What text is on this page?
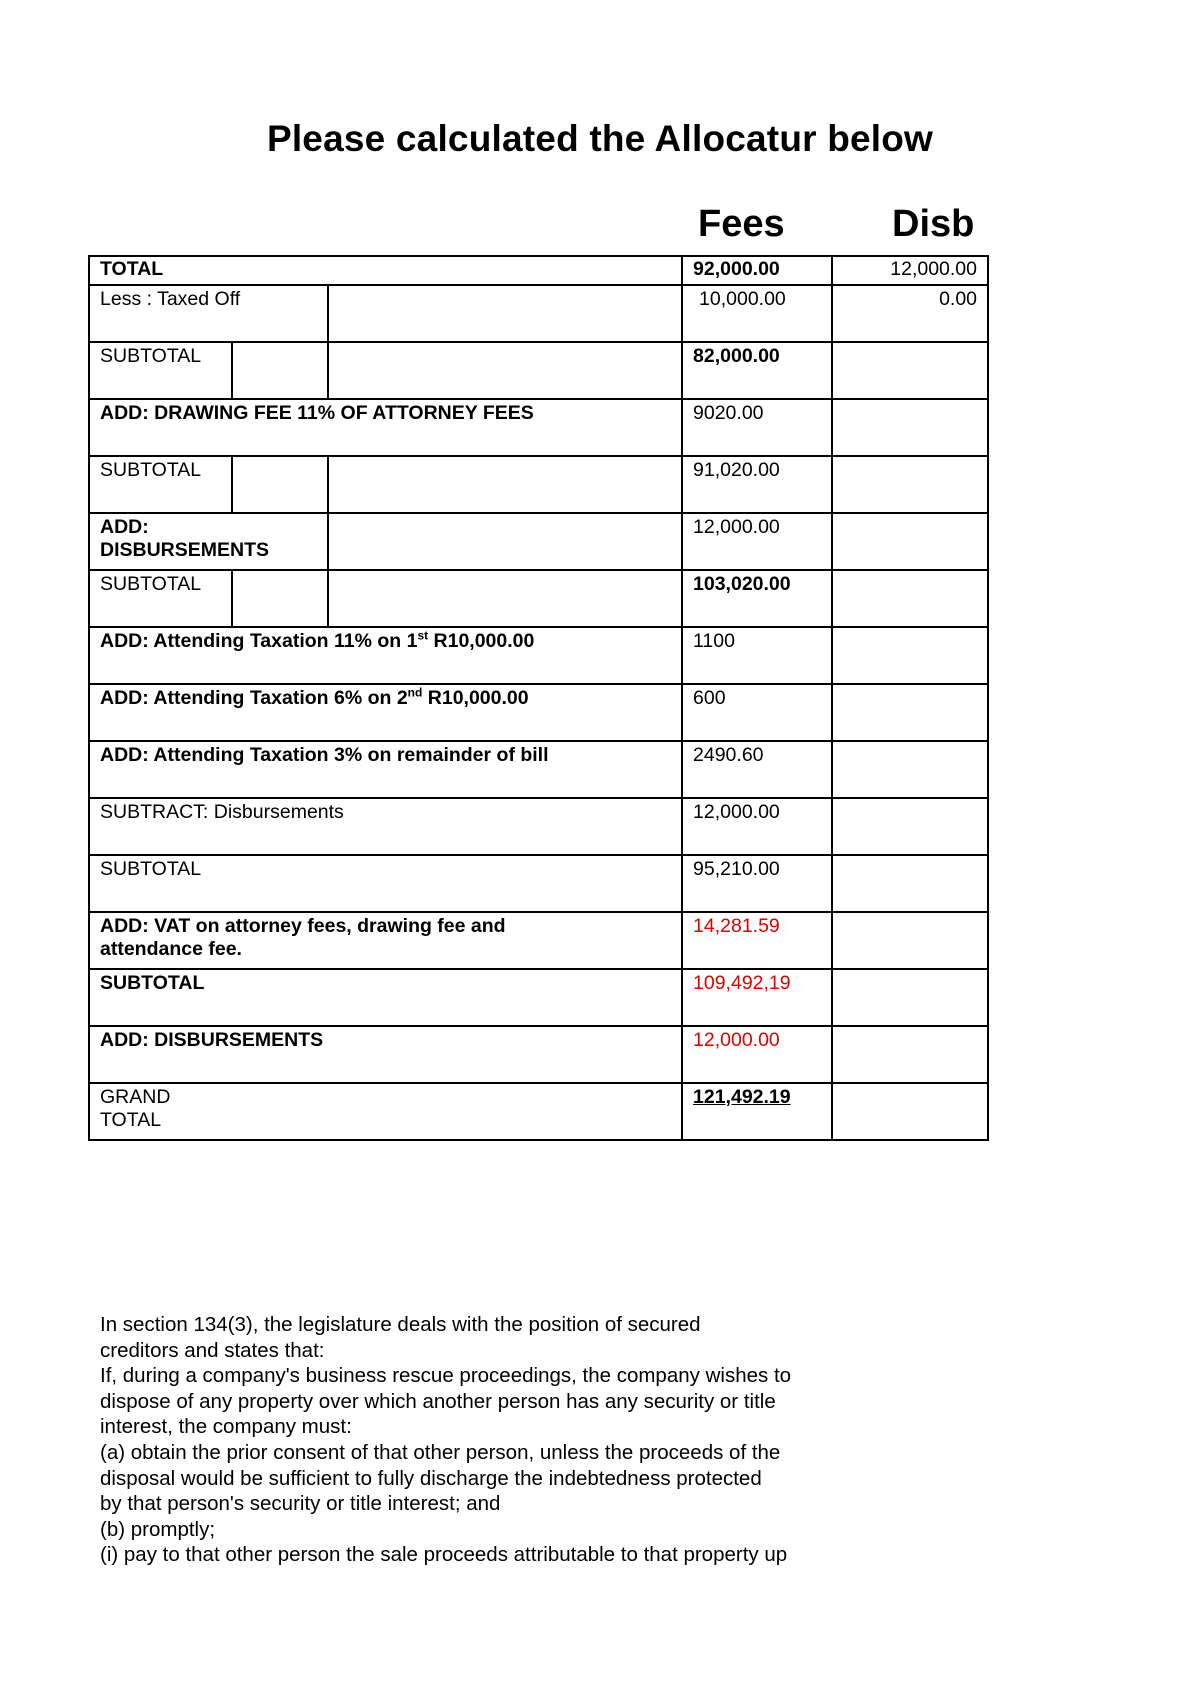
Please calculated the Allocatur below
Fees	Disb
TOTAL			92,000.00	12,000.00
Less : Taxed Off			10,000.00	0.00
SUBTOTAL			82,000.00	
ADD: DRAWING FEE 11% OF ATTORNEY FEES			9020.00	
SUBTOTAL			91,020.00	

ADD:
DISBURSEMENTS			12,000.00	
SUBTOTAL			103,020.00	
ADD: Attending Taxation 11% on 1st R10,000.00			1100	
ADD: Attending Taxation 6% on 2nd R10,000.00			600	
ADD: Attending Taxation 3% on remainder of bill			2490.60	
SUBTRACT: Disbursements			12,000.00	
SUBTOTAL			95,210.00	

ADD: VAT on attorney fees, drawing fee and
attendance fee.			14,281.59	
SUBTOTAL			109,492,19	
ADD: DISBURSEMENTS			12,000.00	

GRAND
TOTAL			121,492.19	
In section 134(3), the legislature deals with the position of secured
creditors and states that:
If, during a company's business rescue proceedings, the company wishes to
dispose of any property over which another person has any security or title
interest, the company must:
(a) obtain the prior consent of that other person, unless the proceeds of the
disposal would be sufficient to fully discharge the indebtedness protected
by that person's security or title interest; and
(b) promptly;
(i) pay to that other person the sale proceeds attributable to that property up
